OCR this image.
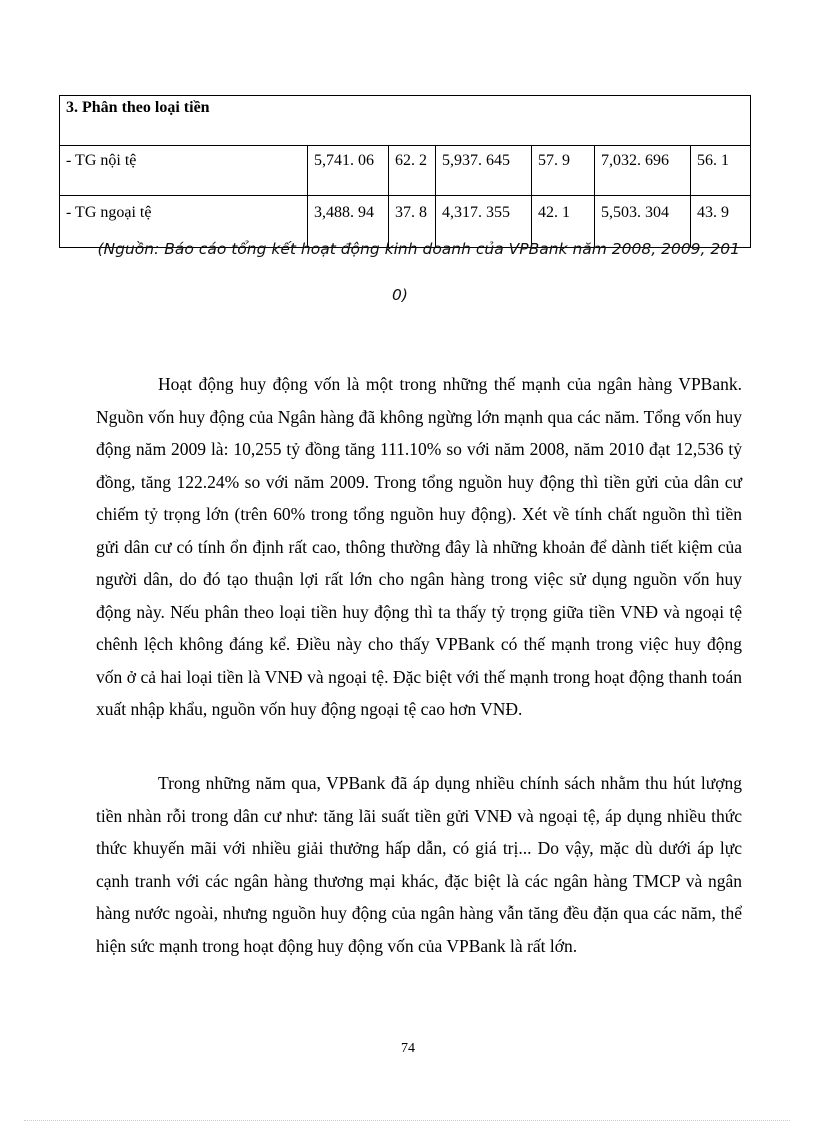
3. Phân theo loại tiền						
- TG nội tệ	5,741. 06	62. 2	5,937. 645	57. 9	7,032. 696	56. 1
- TG ngoại tệ	3,488. 94	37. 8	4,317. 355	42. 1	5,503. 304	43. 9
(Nguồn: Báo cáo tổng kết hoạt động kinh doanh của VPBank năm 2008, 2009, 201
0)

Hoạt động huy động vốn là một trong những thế mạnh của ngân hàng VPBank. Nguồn vốn huy động của Ngân hàng đã không ngừng lớn mạnh qua các năm. Tổng vốn huy động năm 2009 là: 10,255 tỷ đồng tăng 111.10% so với năm 2008, năm 2010 đạt 12,536 tỷ đồng, tăng 122.24% so với năm 2009. Trong tổng nguồn huy động thì tiền gửi của dân cư chiếm tỷ trọng lớn (trên 60% trong tổng nguồn huy động). Xét về tính chất nguồn thì tiền gửi dân cư có tính ổn định rất cao, thông thường đây là những khoản để dành tiết kiệm của người dân, do đó tạo thuận lợi rất lớn cho ngân hàng trong việc sử dụng nguồn vốn huy động này. Nếu phân theo loại tiền huy động thì ta thấy tỷ trọng giữa tiền VNĐ và ngoại tệ chênh lệch không đáng kể. Điều này cho thấy VPBank có thế mạnh trong việc huy động vốn ở cả hai loại tiền là VNĐ và ngoại tệ. Đặc biệt với thế mạnh trong hoạt động thanh toán xuất nhập khẩu, nguồn vốn huy động ngoại tệ cao hơn VNĐ.

Trong những năm qua, VPBank đã áp dụng nhiều chính sách nhằm thu hút lượng tiền nhàn rỗi trong dân cư như: tăng lãi suất tiền gửi VNĐ và ngoại tệ, áp dụng nhiều thức thức khuyến mãi với nhiều giải thưởng hấp dẫn, có giá trị... Do vậy, mặc dù dưới áp lực cạnh tranh với các ngân hàng thương mại khác, đặc biệt là các ngân hàng TMCP và ngân hàng nước ngoài, nhưng nguồn huy động của ngân hàng vẫn tăng đều đặn qua các năm, thể hiện sức mạnh trong hoạt động huy động vốn của VPBank là rất lớn.

74
